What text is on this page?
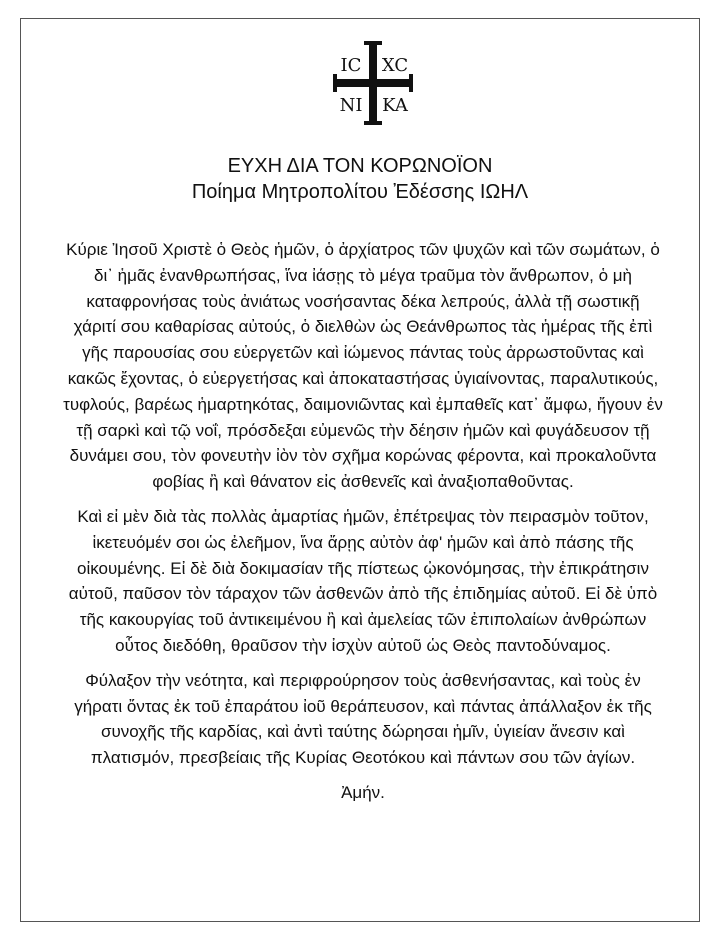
IC XC
NI KA
ΕΥΧΗ ΔΙΑ ΤΟΝ ΚΟΡΩΝΟΪΟΝ
Ποίημα Μητροπολίτου Ἐδέσσης ΙΩΗΛ

Κύριε Ἰησοῦ Χριστὲ ὁ Θεὸς ἡμῶν, ὁ ἀρχίατρος τῶν ψυχῶν καὶ τῶν σωμάτων, ὁ δι᾽ ἡμᾶς ἐνανθρωπήσας, ἵνα ἰάσῃς τὸ μέγα τραῦμα τὸν ἄνθρωπον, ὁ μὴ καταφρονήσας τοὺς ἀνιάτως νοσήσαντας δέκα λεπρούς, ἀλλὰ τῇ σωστικῇ χάριτί σου καθαρίσας αὐτούς, ὁ διελθὼν ὡς Θεάνθρωπος τὰς ἡμέρας τῆς ἐπὶ γῆς παρουσίας σου εὐεργετῶν καὶ ἰώμενος πάντας τοὺς ἀρρωστοῦντας καὶ κακῶς ἔχοντας, ὁ εὐεργετήσας καὶ ἀποκαταστήσας ὑγιαίνοντας, παραλυτικούς, τυφλούς, βαρέως ἡμαρτηκότας, δαιμονιῶντας καὶ ἐμπαθεῖς κατ᾽ ἄμφω, ἤγουν ἐν τῇ σαρκὶ καὶ τῷ νοΐ, πρόσδεξαι εὐμενῶς τὴν δέησιν ἡμῶν καὶ φυγάδευσον τῇ δυνάμει σου, τὸν φονευτὴν ἰὸν τὸν σχῆμα κορώνας φέροντα, καὶ προκαλοῦντα φοβίας ἢ καὶ θάνατον εἰς ἀσθενεῖς καὶ ἀναξιοπαθοῦντας.

Καὶ εἰ μὲν διὰ τὰς πολλὰς ἁμαρτίας ἡμῶν, ἐπέτρεψας τὸν πειρασμὸν τοῦτον, ἱκετευόμέν σοι ὡς ἐλεῆμον, ἵνα ἄρῃς αὐτὸν ἀφ' ἡμῶν καὶ ἀπὸ πάσης τῆς οἰκουμένης. Εἰ δὲ διὰ δοκιμασίαν τῆς πίστεως ᾠκονόμησας, τὴν ἐπικράτησιν αὐτοῦ, παῦσον τὸν τάραχον τῶν ἀσθενῶν ἀπὸ τῆς ἐπιδημίας αὐτοῦ. Εἰ δὲ ὑπὸ τῆς κακουργίας τοῦ ἀντικειμένου ἢ καὶ ἀμελείας τῶν ἐπιπολαίων ἀνθρώπων οὗτος διεδόθη, θραῦσον τὴν ἰσχὺν αὐτοῦ ὡς Θεὸς παντοδύναμος.

Φύλαξον τὴν νεότητα, καὶ περιφρούρησον τοὺς ἀσθενήσαντας, καὶ τοὺς ἐν γήρατι ὄντας ἐκ τοῦ ἐπαράτου ἰοῦ θεράπευσον, καὶ πάντας ἀπάλλαξον ἐκ τῆς συνοχῆς τῆς καρδίας, καὶ ἀντὶ ταύτης δώρησαι ἡμῖν, ὑγιείαν ἄνεσιν καὶ πλατισμόν, πρεσβείαις τῆς Κυρίας Θεοτόκου καὶ πάντων σου τῶν ἁγίων.

Ἀμήν.
